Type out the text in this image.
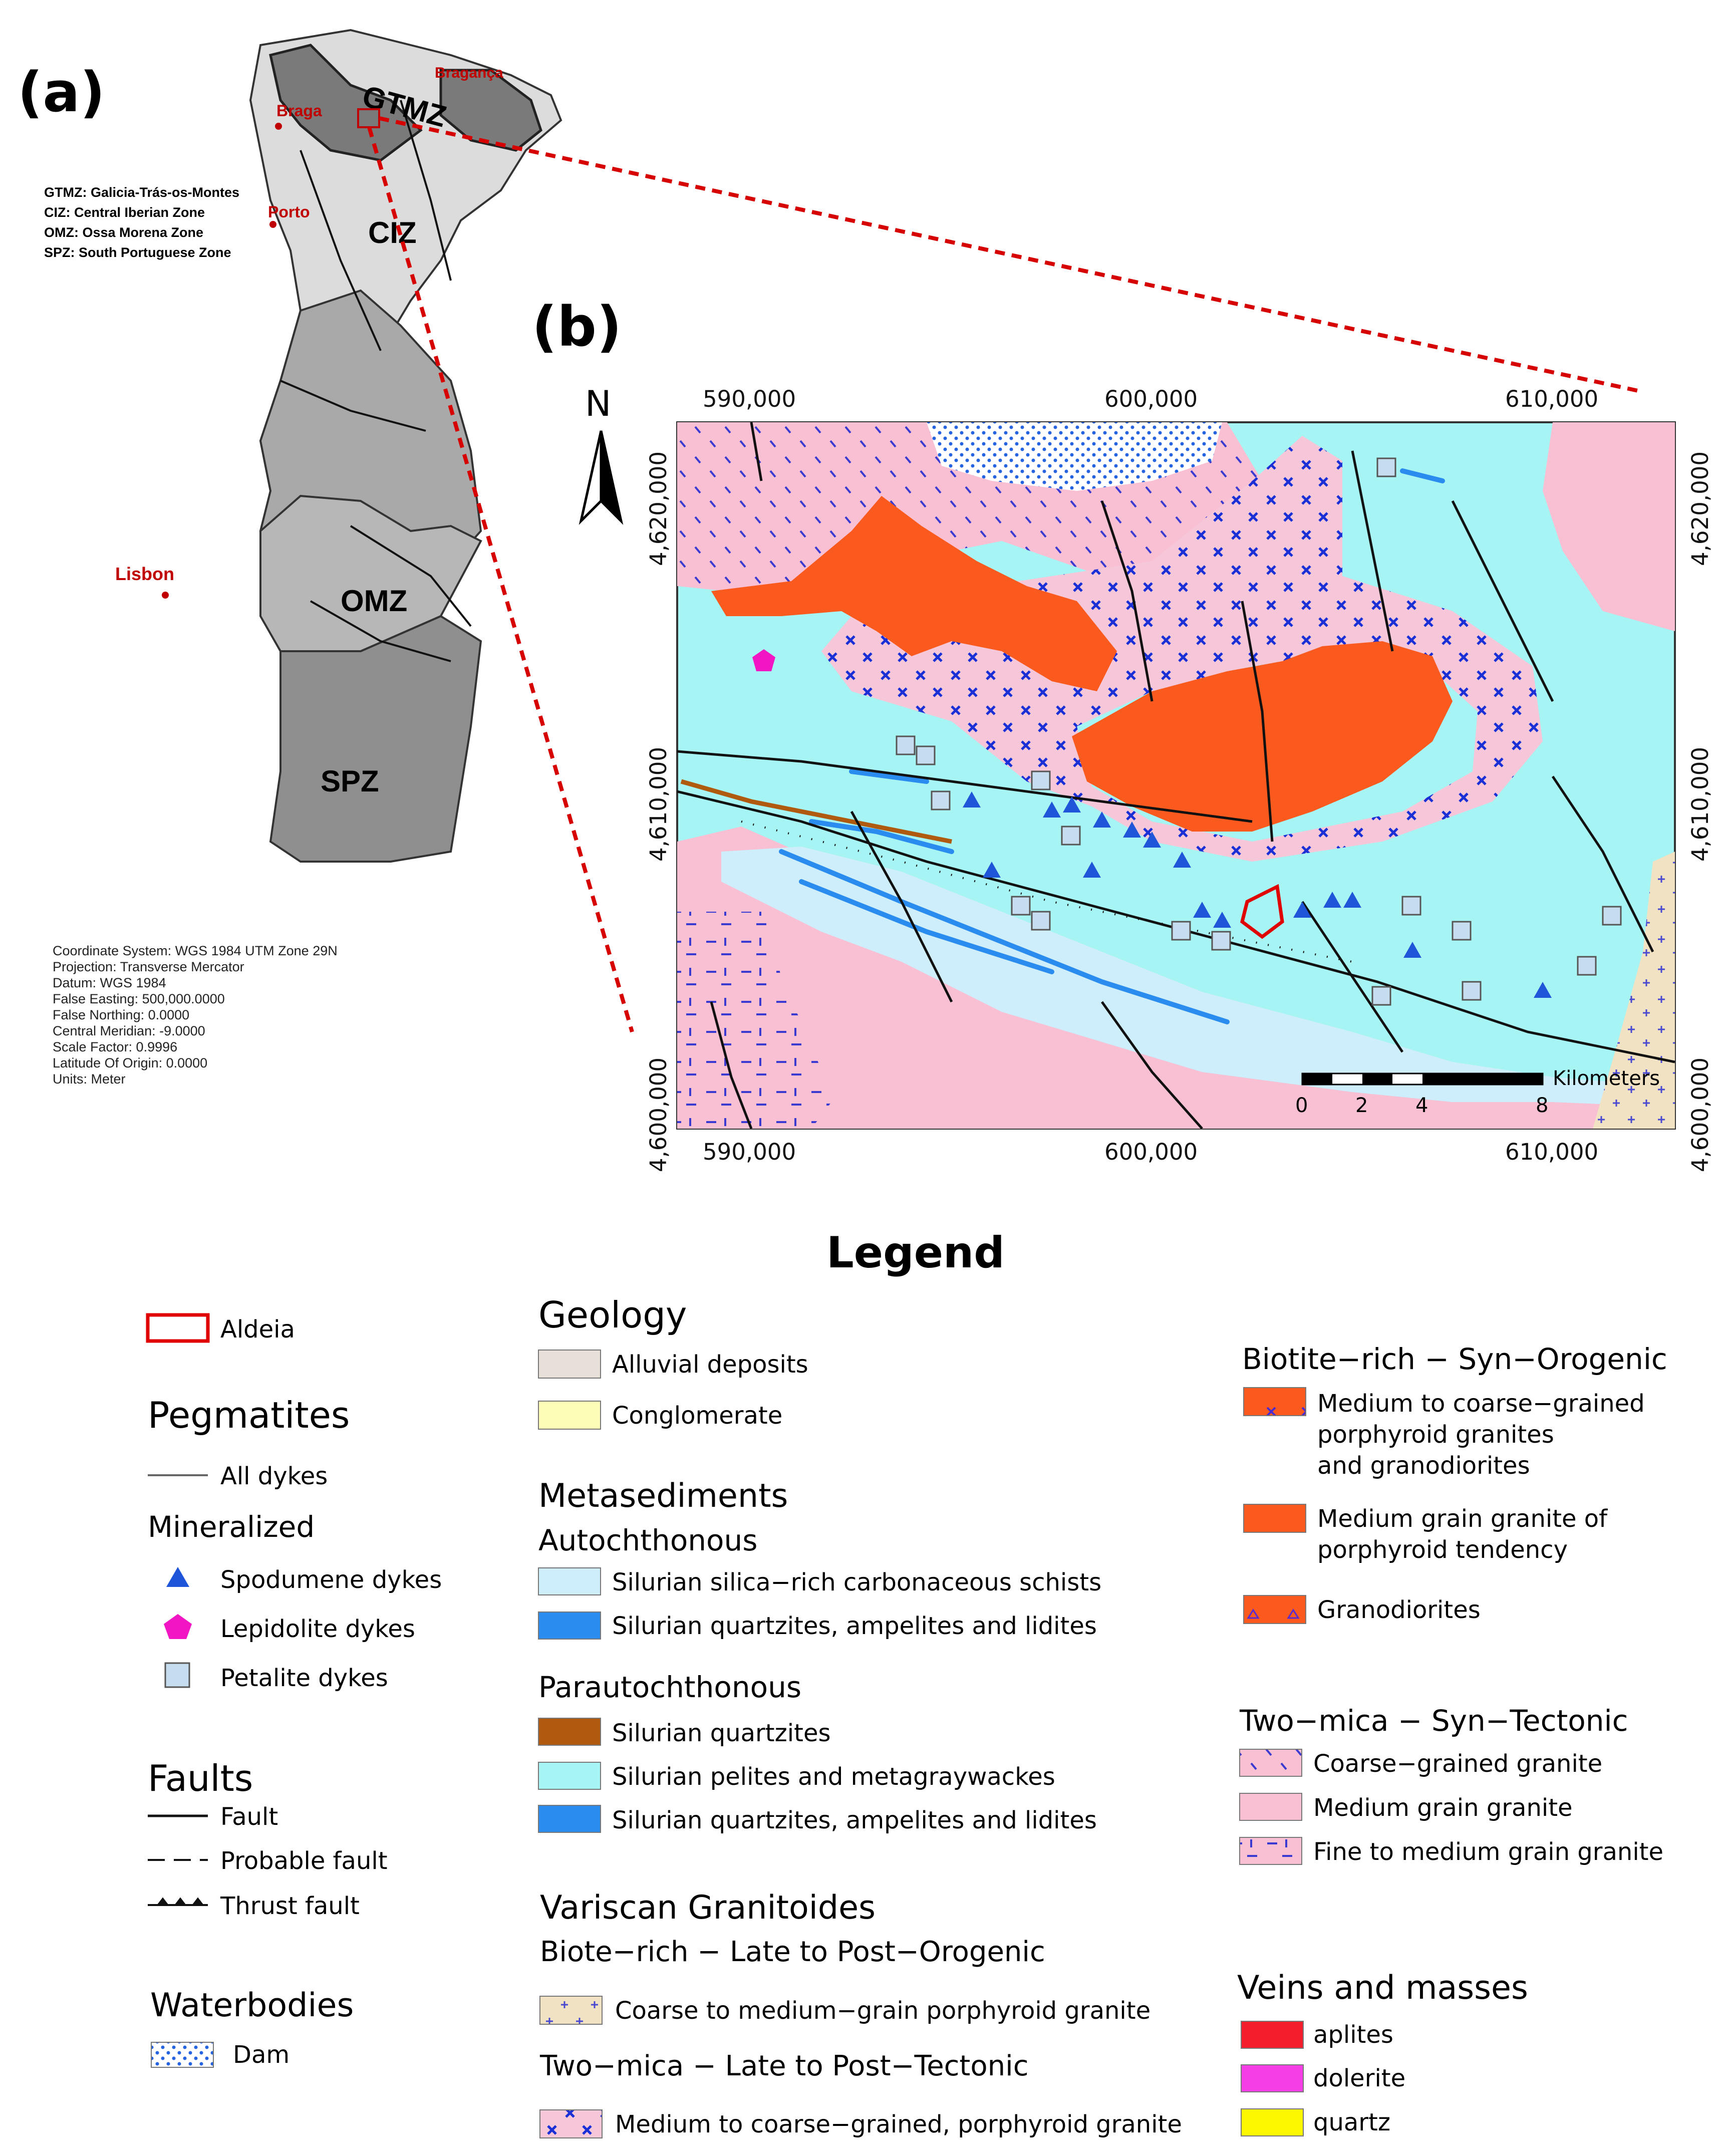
(a)	GTMZ
CIZ
OMZ
SPZ
Braga
Bragança
Porto
Lisbon
GTMZ: Galicia-Trás-os-Montes
CIZ: Central Iberian Zone
OMZ: Ossa Morena Zone
SPZ: South Portuguese Zone
Coordinate System: WGS 1984 UTM Zone 29N
Projection: Transverse Mercator
Datum: WGS 1984
False Easting: 500,000.0000
False Northing: 0.0000
Central Meridian: -9.0000
Scale Factor: 0.9996
Latitude Of Origin: 0.0000
Units: Meter
(b)
N
0 2 4	8
Kilometers
590,000	600,000	610,000
590,000	600,000	610,000
4,620,000
4,610,000
4,600,000
4,620,000
4,610,000
4,600,000
Legend
Aldeia
Pegmatites
All dykes
Mineralized
Spodumene dykes
Lepidolite dykes
Petalite dykes
Faults
Fault
Probable fault
Thrust fault
Waterbodies
Dam
Geology
Alluvial deposits
Conglomerate
Metasediments
Autochthonous
Silurian silica−rich carbonaceous schists
Silurian quartzites, ampelites and lidites
Parautochthonous
Silurian quartzites
Silurian pelites and metagraywackes
Silurian quartzites, ampelites and lidites
Variscan Granitoides
Biote−rich − Late to Post−Orogenic
Coarse to medium−grain porphyroid granite
Two−mica − Late to Post−Tectonic
Medium to coarse−grained, porphyroid granite
Biotite−rich − Syn−Orogenic
Medium to coarse−grained
porphyroid granites
and granodiorites
Medium grain granite of
porphyroid tendency
Granodiorites
Two−mica − Syn−Tectonic
Coarse−grained granite
Medium grain granite
Fine to medium grain granite
Veins and masses
aplites
dolerite
quartz
